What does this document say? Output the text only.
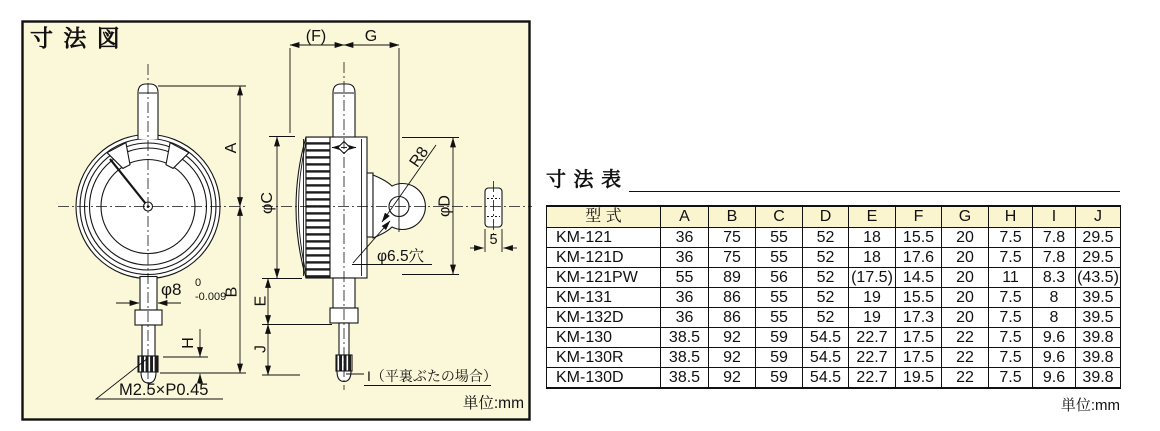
寸 法 図
A
B
H
φ8 0
-0.009
M2.5×P0.45
(F) G
φC	φD
R8
φ6.5穴
E
J
5
I（平裏ぶたの場合）
単位:mm
寸 法 表
型 式	A	B	C	D	E	F	G	H	I	J
KM-121	36	75	55	52	18	15.5	20	7.5	7.8	29.5
KM-121D	36	75	55	52	18	17.6	20	7.5	7.8	29.5
KM-121PW	55	89	56	52	(17.5)	14.5	20	11	8.3	(43.5)
KM-131	36	86	55	52	19	15.5	20	7.5	8	39.5
KM-132D	36	86	55	52	19	17.3	20	7.5	8	39.5
KM-130	38.5	92	59	54.5	22.7	17.5	22	7.5	9.6	39.8
KM-130R	38.5	92	59	54.5	22.7	17.5	22	7.5	9.6	39.8
KM-130D	38.5	92	59	54.5	22.7	19.5	22	7.5	9.6	39.8
単位:mm
